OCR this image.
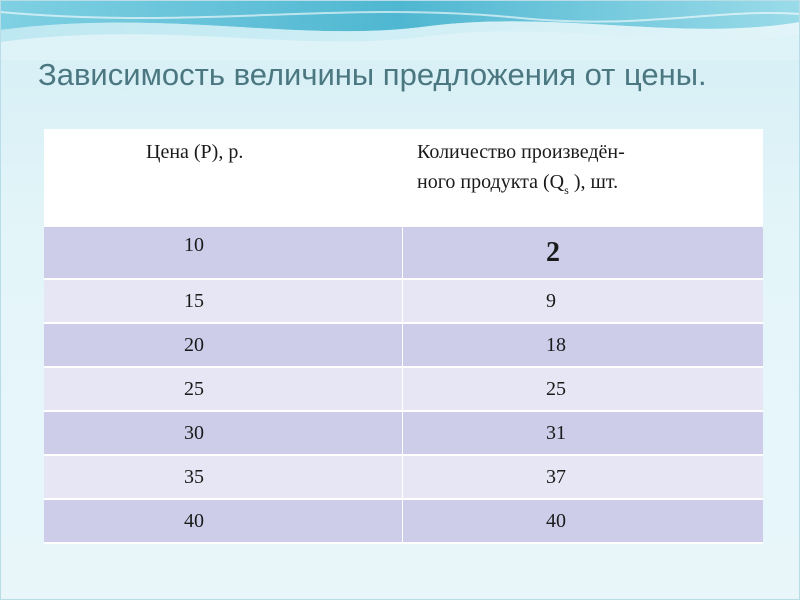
Зависимость величины предложения от цены.
Цена (P), р.	Количество произведён-
ного продукта ($Q_s$ ), шт.

10	2
15	9
20	18
25	25
30	31
35	37
40	40
